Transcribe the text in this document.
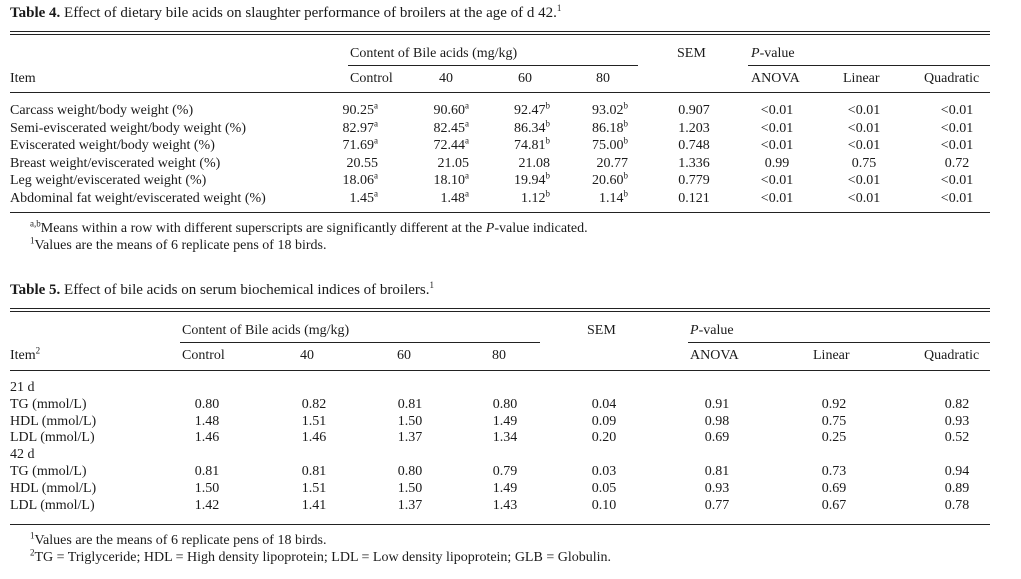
Table 4. Effect of dietary bile acids on slaughter performance of broilers at the age of d 42.$^1$
Content of Bile acids (mg/kg)	SEM	P-value
Item	Control	40	60	80	ANOVA	Linear	Quadratic
Carcass weight/body weight (%)	90.25$^a$	90.60$^a$	92.47$^b$	93.02$^b$	0.907	<0.01	<0.01	<0.01
Semi-eviscerated weight/body weight (%)	82.97$^a$	82.45$^a$	86.34$^b$	86.18$^b$	1.203	<0.01	<0.01	<0.01
Eviscerated weight/body weight (%)	71.69$^a$	72.44$^a$	74.81$^b$	75.00$^b$	0.748	<0.01	<0.01	<0.01
Breast weight/eviscerated weight (%)	20.55	21.05	21.08	20.77	1.336	0.99	0.75	0.72
Leg weight/eviscerated weight (%)	18.06$^a$	18.10$^a$	19.94$^b$	20.60$^b$	0.779	<0.01	<0.01	<0.01
Abdominal fat weight/eviscerated weight (%)	1.45$^a$	1.48$^a$	1.12$^b$	1.14$^b$	0.121	<0.01	<0.01	<0.01
$^{a,b}$Means within a row with different superscripts are significantly different at the P-value indicated.
$^1$Values are the means of 6 replicate pens of 18 birds.
Table 5. Effect of bile acids on serum biochemical indices of broilers.$^1$
Content of Bile acids (mg/kg)	SEM	P-value
Item$^2$	Control	40	60	80	ANOVA	Linear	Quadratic
21 d
TG (mmol/L)	0.80	0.82	0.81	0.80	0.04	0.91	0.92	0.82
HDL (mmol/L)	1.48	1.51	1.50	1.49	0.09	0.98	0.75	0.93
LDL (mmol/L)	1.46	1.46	1.37	1.34	0.20	0.69	0.25	0.52
42 d
TG (mmol/L)	0.81	0.81	0.80	0.79	0.03	0.81	0.73	0.94
HDL (mmol/L)	1.50	1.51	1.50	1.49	0.05	0.93	0.69	0.89
LDL (mmol/L)	1.42	1.41	1.37	1.43	0.10	0.77	0.67	0.78
$^1$Values are the means of 6 replicate pens of 18 birds.
$^2$TG = Triglyceride; HDL = High density lipoprotein; LDL = Low density lipoprotein; GLB = Globulin.
